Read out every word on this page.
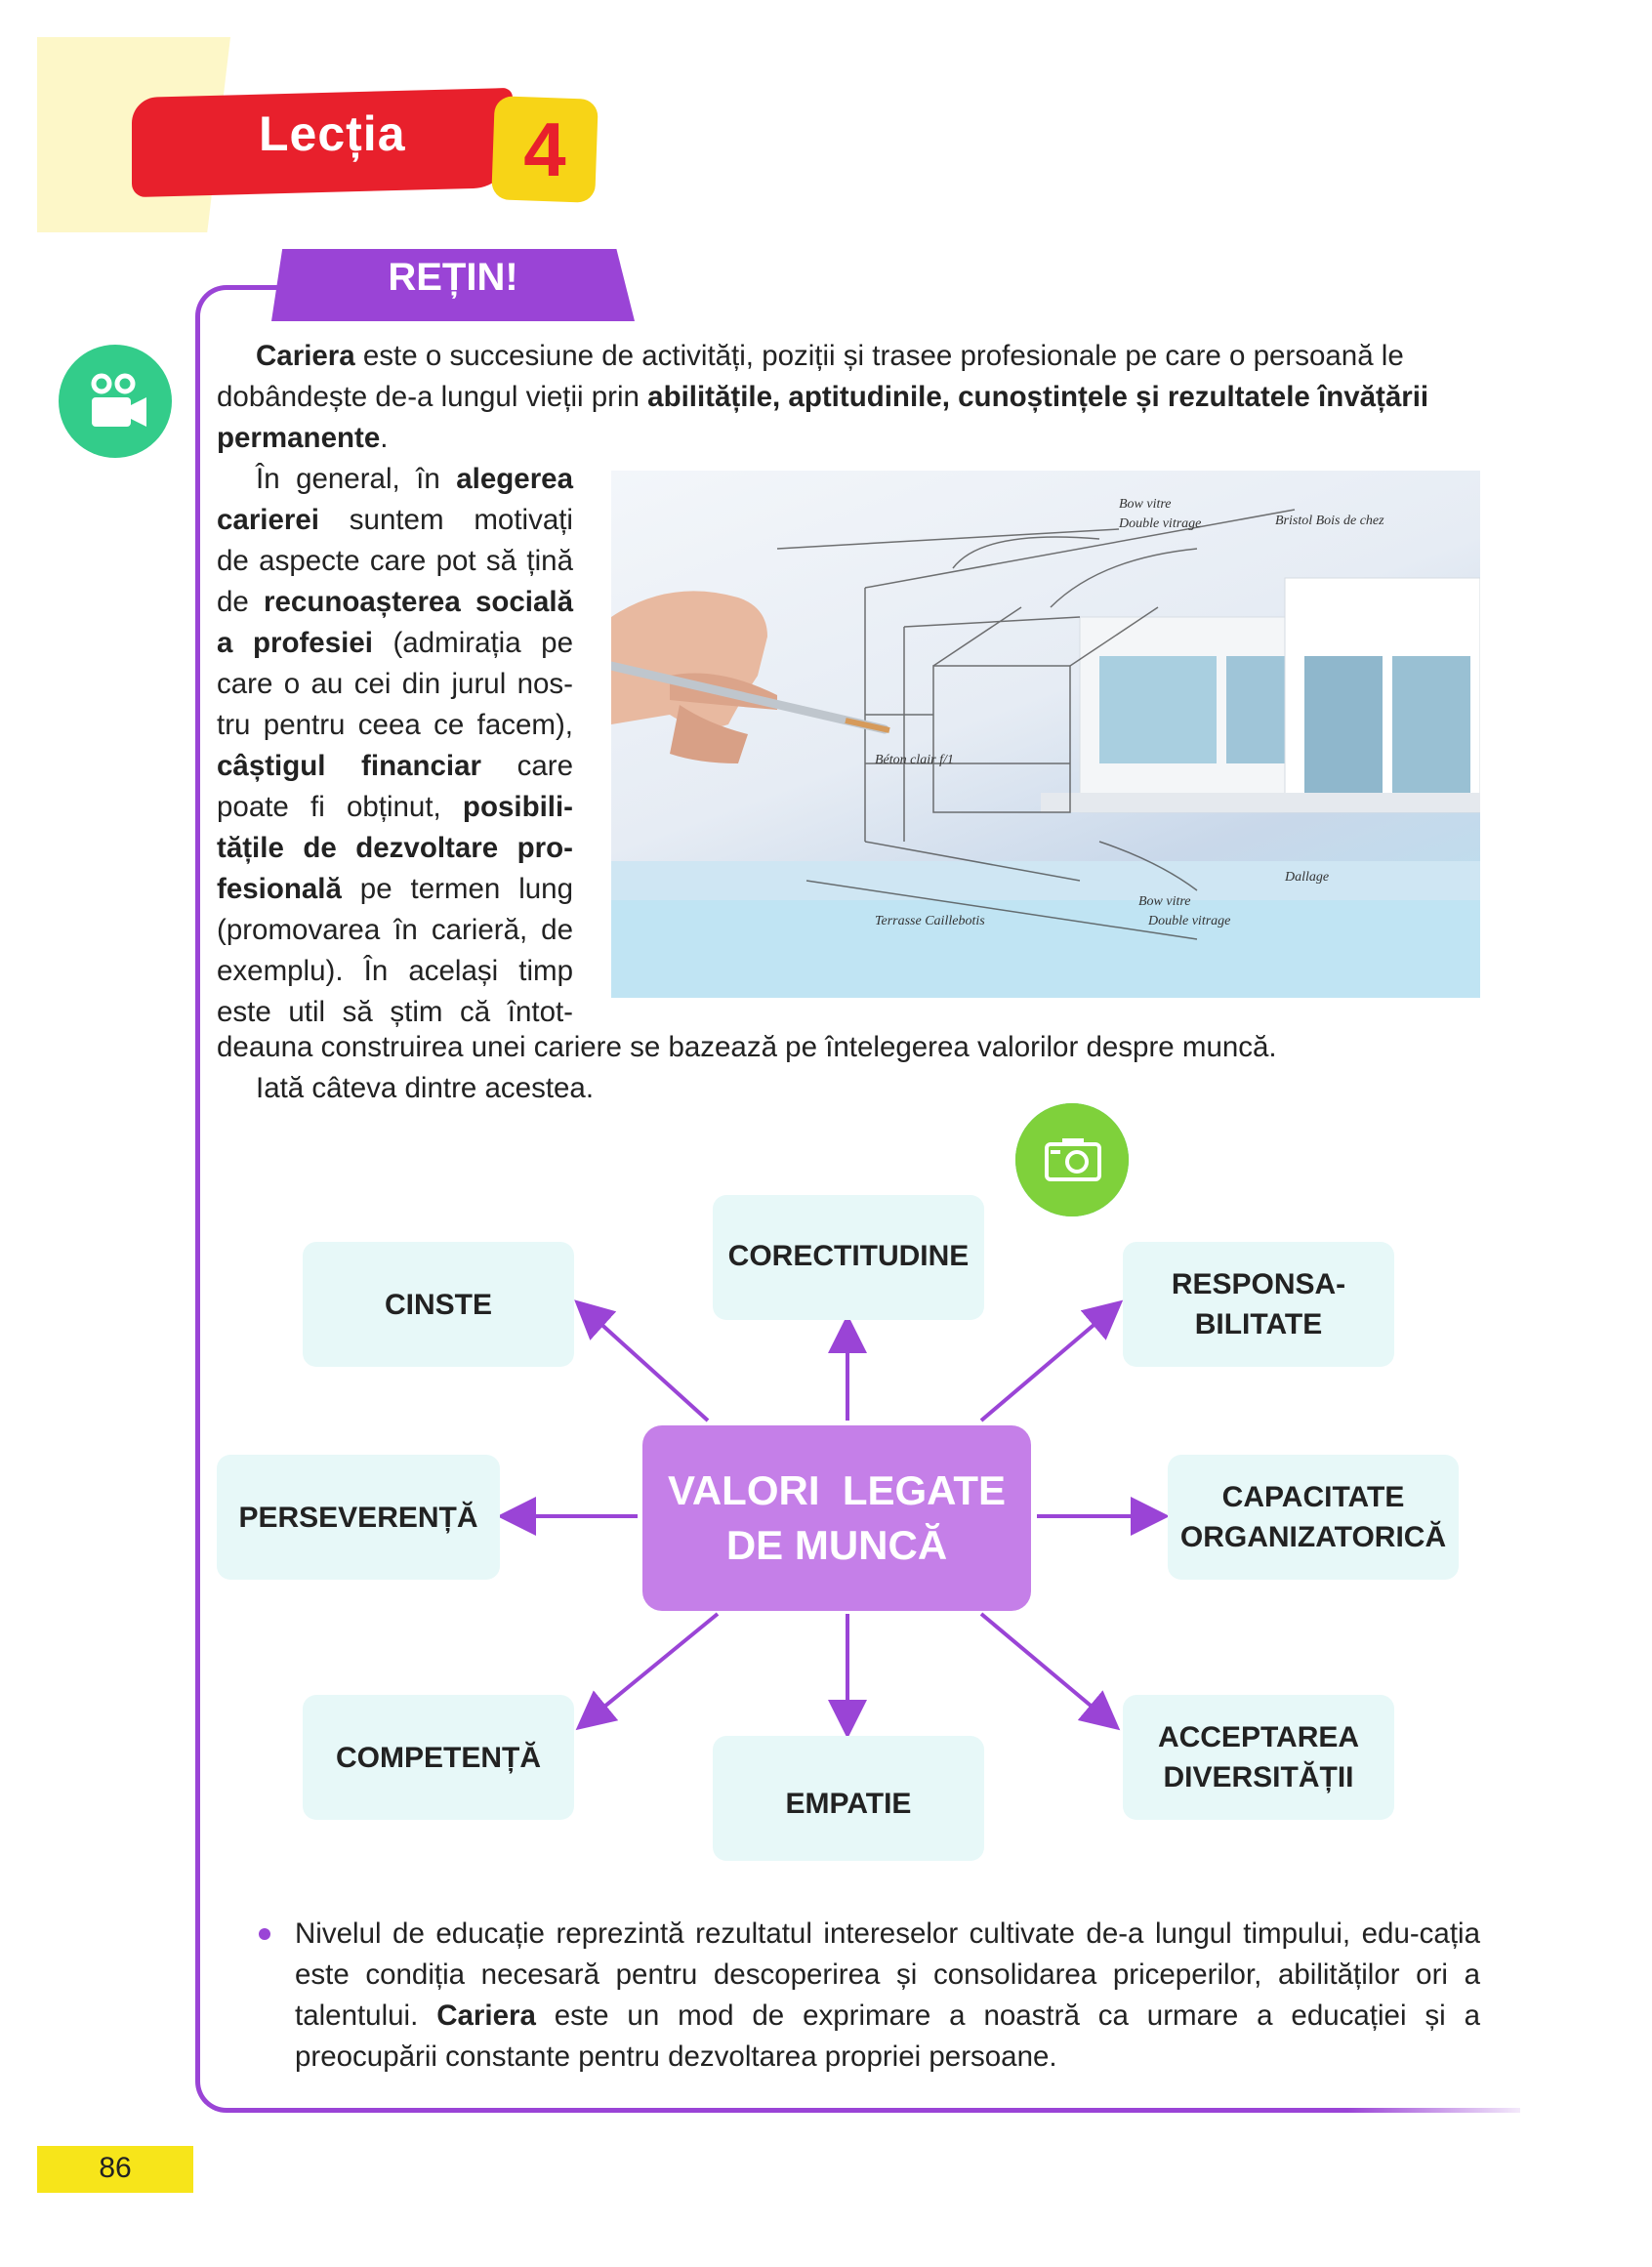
Lecția	4
REȚIN!
Cariera este o succesiune de activități, poziții și trasee profesionale pe care o persoană le dobândește de-a lungul vieții prin abilitățile, aptitudinile, cunoștințele și rezultatele învățării permanente.
În general, în alegerea
carierei suntem motivați
de aspecte care pot să țină
de recunoașterea socială
a profesiei (admirația pe
care o au cei din jurul nos-
tru pentru ceea ce facem),
câștigul financiar care
poate fi obținut, posibili-
tățile de dezvoltare pro-
fesională pe termen lung
(promovarea în carieră, de
exemplu). În același timp
este util să știm că întot-
Bow vitre
Double vitrage	Bristol Bois de chez
Béton clair f/1
Bow vitre
Double vitrage
Terrasse Caillebotis
Dallage
deauna construirea unei cariere se bazează pe întelegerea valorilor despre muncă.
Iată câteva dintre acestea.
VALORI  LEGATE
DE MUNCĂ
CINSTE
CORECTITUDINE
RESPONSA-
BILITATE
PERSEVERENȚĂ
CAPACITATE
ORGANIZATORICĂ
COMPETENȚĂ
EMPATIE
ACCEPTAREA
DIVERSITĂȚII
Nivelul de educație reprezintă rezultatul intereselor cultivate de-a lungul timpului, edu-cația este condiția necesară pentru descoperirea și consolidarea priceperilor, abilităților ori a talentului. Cariera este un mod de exprimare a noastră ca urmare a educației și a preocupării constante pentru dezvoltarea propriei persoane.
86
